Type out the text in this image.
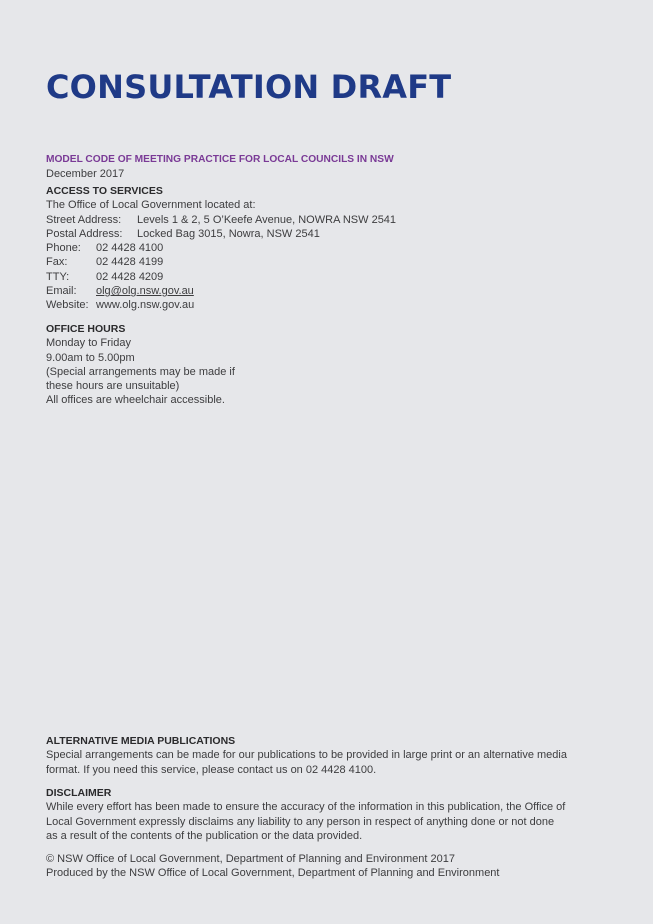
CONSULTATION DRAFT
MODEL CODE OF MEETING PRACTICE FOR LOCAL COUNCILS IN NSW
December 2017
ACCESS TO SERVICES
The Office of Local Government located at:
Street Address:	Levels 1 & 2, 5 O’Keefe Avenue, NOWRA NSW 2541
Postal Address:	Locked Bag 3015, Nowra, NSW 2541
Phone:	02 4428 4100
Fax:	02 4428 4199
TTY:	02 4428 4209
Email:	olg@olg.nsw.gov.au
Website: www.olg.nsw.gov.au
OFFICE HOURS
Monday to Friday
9.00am to 5.00pm
(Special arrangements may be made if
these hours are unsuitable)
All offices are wheelchair accessible.
ALTERNATIVE MEDIA PUBLICATIONS
Special arrangements can be made for our publications to be provided in large print or an alternative media format. If you need this service, please contact us on 02 4428 4100.
DISCLAIMER
While every effort has been made to ensure the accuracy of the information in this publication, the Office of Local Government expressly disclaims any liability to any person in respect of anything done or not done as a result of the contents of the publication or the data provided.
© NSW Office of Local Government, Department of Planning and Environment 2017
Produced by the NSW Office of Local Government, Department of Planning and Environment
